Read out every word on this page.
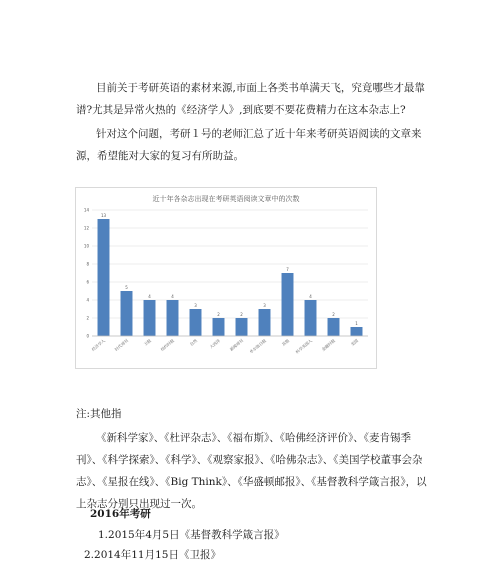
目前关于考研英语的素材来源,市面上各类书单满天飞，究竟哪些才最靠谱?尤其是异常火热的《经济学人》,到底要不要花费精力在这本杂志上?

针对这个问题，考研１号的老师汇总了近十年来考研英语阅读的文章来源，希望能对大家的复习有所助益。

近十年各杂志出现在考研英语阅读文章中的次数
0
2
4
6
8
10
12
14
13
经济学人
5
时代周刊
4
卫报
4
纽约时报
3
自然
2
大西洋
2
新闻周刊
3
华尔街日报
7
其他
4
科学美国人
2
金融时报
1
美国

注:其他指

《新科学家》、《杜评杂志》、《福布斯》、《哈佛经济评价》、《麦肯锡季刊》、《科学探索》、《科学》、《观察家报》、《哈佛杂志》、《美国学校董事会杂志》、《星报在线》、《Big Think》、《华盛顿邮报》、《基督教科学箴言报》，以上杂志分别只出现过一次。

2016年考研

1.2015年4月5日《基督教科学箴言报》

2.2014年11月15日《卫报》
